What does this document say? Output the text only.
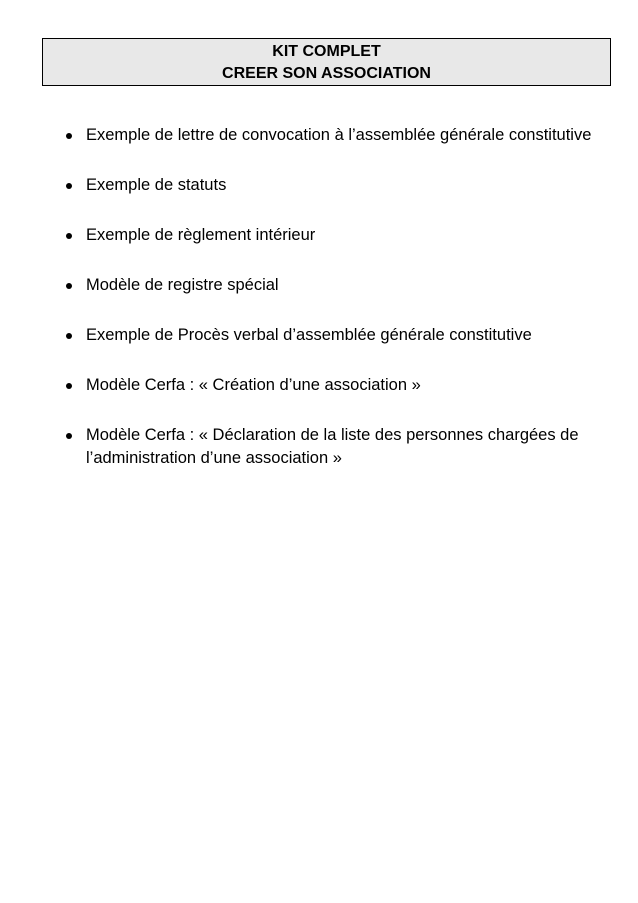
KIT COMPLET
CREER SON ASSOCIATION
Exemple de lettre de convocation à l’assemblée générale constitutive
Exemple de statuts
Exemple de règlement intérieur
Modèle de registre spécial
Exemple de Procès verbal d’assemblée générale constitutive
Modèle Cerfa : « Création d’une association »
Modèle Cerfa : « Déclaration de la liste des personnes chargées de l’administration d’une association »
